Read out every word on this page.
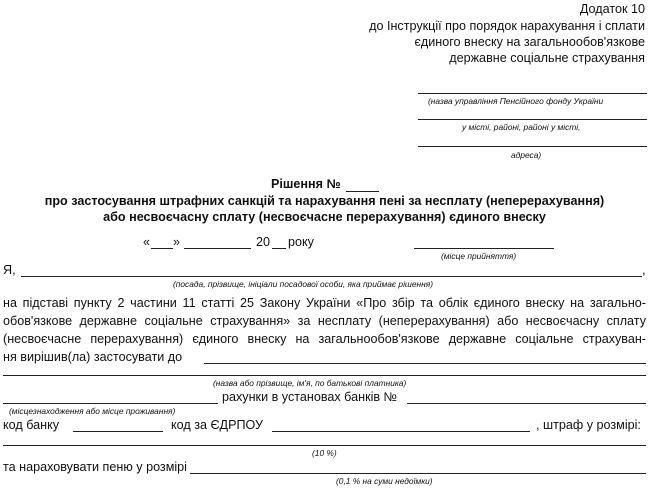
Додаток 10
до Інструкції про порядок нарахування і сплати
єдиного внеску на загальнообов'язкове
державне соціальне страхування
(назва управління Пенсійного фонду України
у місті, районі, районі у місті,
адреса)
Рішення №
про застосування штрафних санкцій та нарахування пені за несплату (неперерахування)
або несвоєчасну сплату (несвоєчасне перерахування) єдиного внеску
« »	20 року
(місце прийняття)
Я,	,
(посада, прізвище, ініціали посадової особи, яка приймає рішення)
на підставі пункту 2 частини 11 статті 25 Закону України «Про збір та облік єдиного внеску на загально-
обов'язкове державне соціальне страхування» за несплату (неперерахування) або несвоєчасну сплату
(несвоєчасне перерахування) єдиного внеску на загальнообов'язкове державне соціальне страхуван-
ня вирішив(ла) застосувати до
(назва або прізвище, ім'я, по батькові платника)
рахунки в установах банків №
(місцезнаходження або місце проживання)
код банку	код за ЄДРПОУ	, штраф у розмірі:
(10 %)
та нараховувати пеню у розмірі
(0,1 % на суми недоїмки)
